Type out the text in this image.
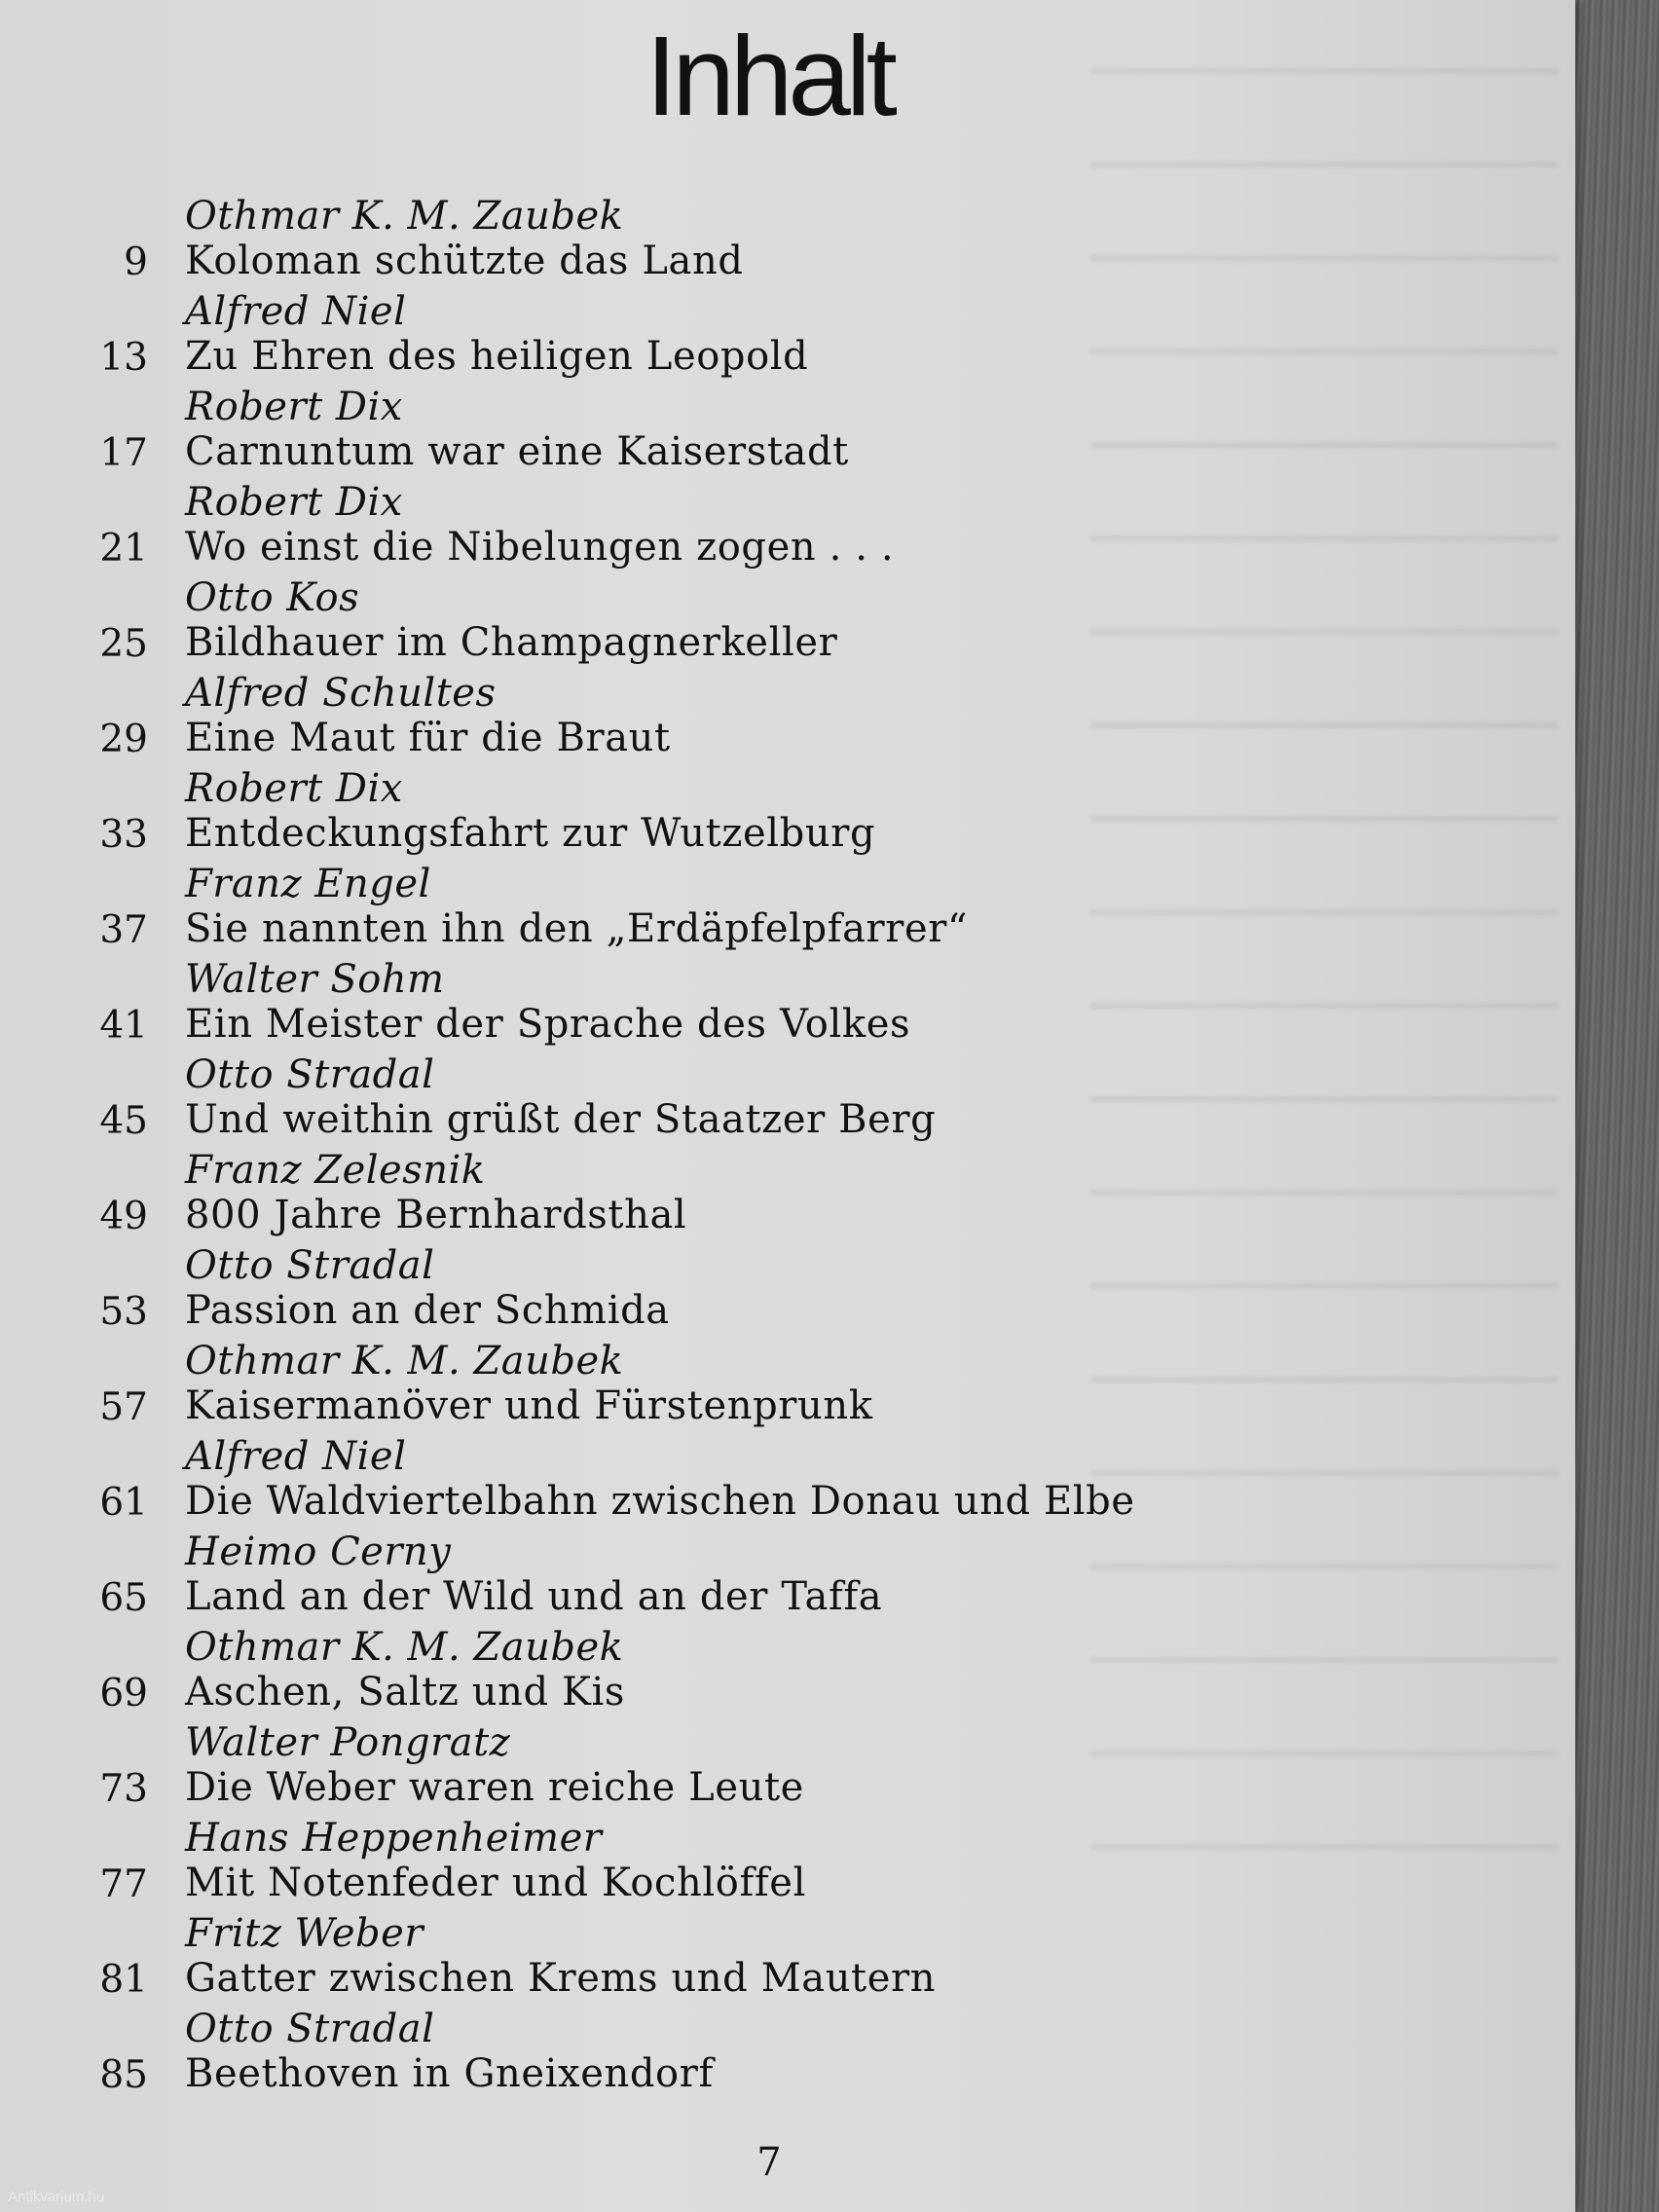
Inhalt
Othmar K. M. Zaubek
9 Koloman schützte das Land
Alfred Niel
13 Zu Ehren des heiligen Leopold
Robert Dix
17 Carnuntum war eine Kaiserstadt
Robert Dix
21 Wo einst die Nibelungen zogen . . .
Otto Kos
25 Bildhauer im Champagnerkeller
Alfred Schultes
29 Eine Maut für die Braut
Robert Dix
33 Entdeckungsfahrt zur Wutzelburg
Franz Engel
37 Sie nannten ihn den „Erdäpfelpfarrer“
Walter Sohm
41 Ein Meister der Sprache des Volkes
Otto Stradal
45 Und weithin grüßt der Staatzer Berg
Franz Zelesnik
49 800 Jahre Bernhardsthal
Otto Stradal
53 Passion an der Schmida
Othmar K. M. Zaubek
57 Kaisermanöver und Fürstenprunk
Alfred Niel
61 Die Waldviertelbahn zwischen Donau und Elbe
Heimo Cerny
65 Land an der Wild und an der Taffa
Othmar K. M. Zaubek
69 Aschen, Saltz und Kis
Walter Pongratz
73 Die Weber waren reiche Leute
Hans Heppenheimer
77 Mit Notenfeder und Kochlöffel
Fritz Weber
81 Gatter zwischen Krems und Mautern
Otto Stradal
85 Beethoven in Gneixendorf
7
Antikvarium.hu
